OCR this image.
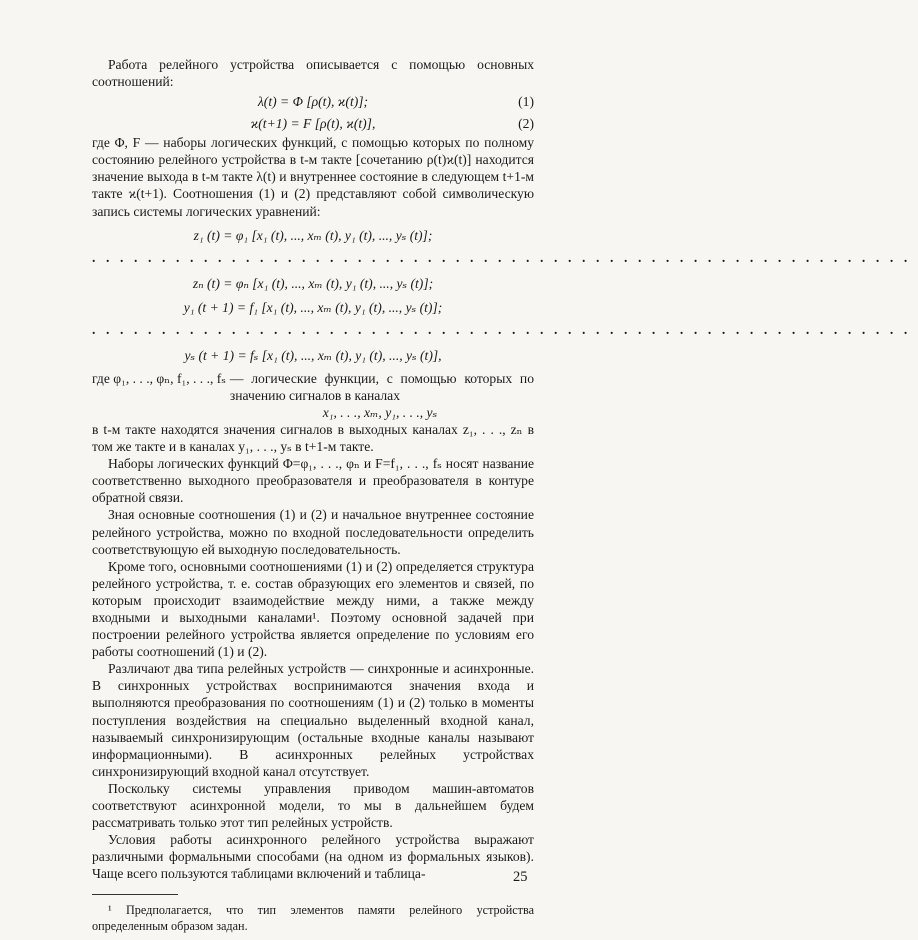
Работа релейного устройства описывается с помощью основных соотношений:

λ(t) = Φ [ρ(t), ϰ(t)];	(1)
ϰ(t+1) = F [ρ(t), ϰ(t)],	(2)

где Φ, F — наборы логических функций, с помощью которых по полному состоянию релейного устройства в t-м такте [сочетанию ρ(t)ϰ(t)] находится значение выхода в t-м такте λ(t) и внутреннее состояние в следующем t+1-м такте ϰ(t+1). Соотношения (1) и (2) представляют собой символическую запись системы логических уравнений:

z₁ (t) = φ₁ [x₁ (t), ..., xₘ (t), y₁ (t), ..., yₛ (t)];
...........................................................
zₙ (t) = φₙ [x₁ (t), ..., xₘ (t), y₁ (t), ..., yₛ (t)];
y₁ (t + 1) = f₁ [x₁ (t), ..., xₘ (t), y₁ (t), ..., yₛ (t)];
...........................................................
yₛ (t + 1) = fₛ [x₁ (t), ..., xₘ (t), y₁ (t), ..., yₛ (t)],
где φ₁, . . ., φₙ, f₁, . . ., fₛ — логические функции, с помощью которых по значению сигналов в каналах
x₁, . . ., xₘ, y₁, . . ., yₛ

в t-м такте находятся значения сигналов в выходных каналах z₁, . . ., zₙ в том же такте и в каналах y₁, . . ., yₛ в t+1-м такте.

Наборы логических функций Φ=φ₁, . . ., φₙ и F=f₁, . . ., fₛ носят название соответственно выходного преобразователя и преобразователя в контуре обратной связи.

Зная основные соотношения (1) и (2) и начальное внутреннее состояние релейного устройства, можно по входной последовательности определить соответствующую ей выходную последовательность.

Кроме того, основными соотношениями (1) и (2) определяется структура релейного устройства, т. е. состав образующих его элементов и связей, по которым происходит взаимодействие между ними, а также между входными и выходными каналами¹. Поэтому основной задачей при построении релейного устройства является определение по условиям его работы соотношений (1) и (2).

Различают два типа релейных устройств — синхронные и асинхронные. В синхронных устройствах воспринимаются значения входа и выполняются преобразования по соотношениям (1) и (2) только в моменты поступления воздействия на специально выделенный входной канал, называемый синхронизирующим (остальные входные каналы называют информационными). В асинхронных релейных устройствах синхронизирующий входной канал отсутствует.

Поскольку системы управления приводом машин-автоматов соответствуют асинхронной модели, то мы в дальнейшем будем рассматривать только этот тип релейных устройств.

Условия работы асинхронного релейного устройства выражают различными формальными способами (на одном из формальных языков). Чаще всего пользуются таблицами включений и таблица-

¹ Предполагается, что тип элементов памяти релейного устройства определенным образом задан.

25
